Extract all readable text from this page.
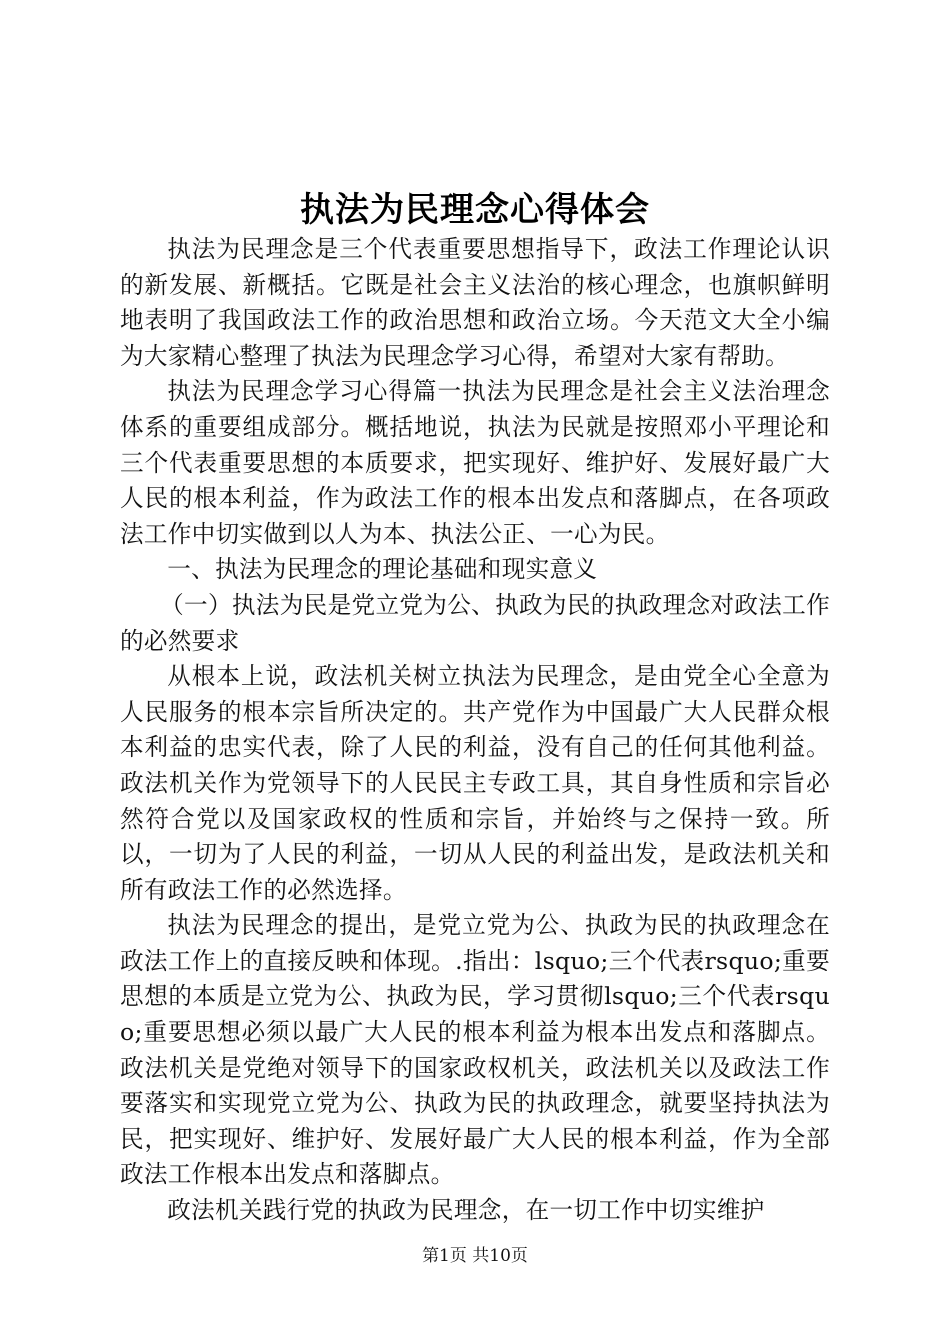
执法为民理念心得体会

执法为民理念是三个代表重要思想指导下，政法工作理论认识的新发展、新概括。它既是社会主义法治的核心理念，也旗帜鲜明地表明了我国政法工作的政治思想和政治立场。今天范文大全小编为大家精心整理了执法为民理念学习心得，希望对大家有帮助。

执法为民理念学习心得篇一执法为民理念是社会主义法治理念体系的重要组成部分。概括地说，执法为民就是按照邓小平理论和三个代表重要思想的本质要求，把实现好、维护好、发展好最广大人民的根本利益，作为政法工作的根本出发点和落脚点，在各项政法工作中切实做到以人为本、执法公正、一心为民。

一、执法为民理念的理论基础和现实意义

（一）执法为民是党立党为公、执政为民的执政理念对政法工作的必然要求

从根本上说，政法机关树立执法为民理念，是由党全心全意为人民服务的根本宗旨所决定的。共产党作为中国最广大人民群众根本利益的忠实代表，除了人民的利益，没有自己的任何其他利益。政法机关作为党领导下的人民民主专政工具，其自身性质和宗旨必然符合党以及国家政权的性质和宗旨，并始终与之保持一致。所以，一切为了人民的利益，一切从人民的利益出发，是政法机关和所有政法工作的必然选择。

执法为民理念的提出，是党立党为公、执政为民的执政理念在政法工作上的直接反映和体现。.指出：lsquo;三个代表rsquo;重要思想的本质是立党为公、执政为民，学习贯彻lsquo;三个代表rsquo;重要思想必须以最广大人民的根本利益为根本出发点和落脚点。政法机关是党绝对领导下的国家政权机关，政法机关以及政法工作要落实和实现党立党为公、执政为民的执政理念，就要坚持执法为民，把实现好、维护好、发展好最广大人民的根本利益，作为全部政法工作根本出发点和落脚点。

政法机关践行党的执政为民理念，在一切工作中切实维护

第1页 共10页
